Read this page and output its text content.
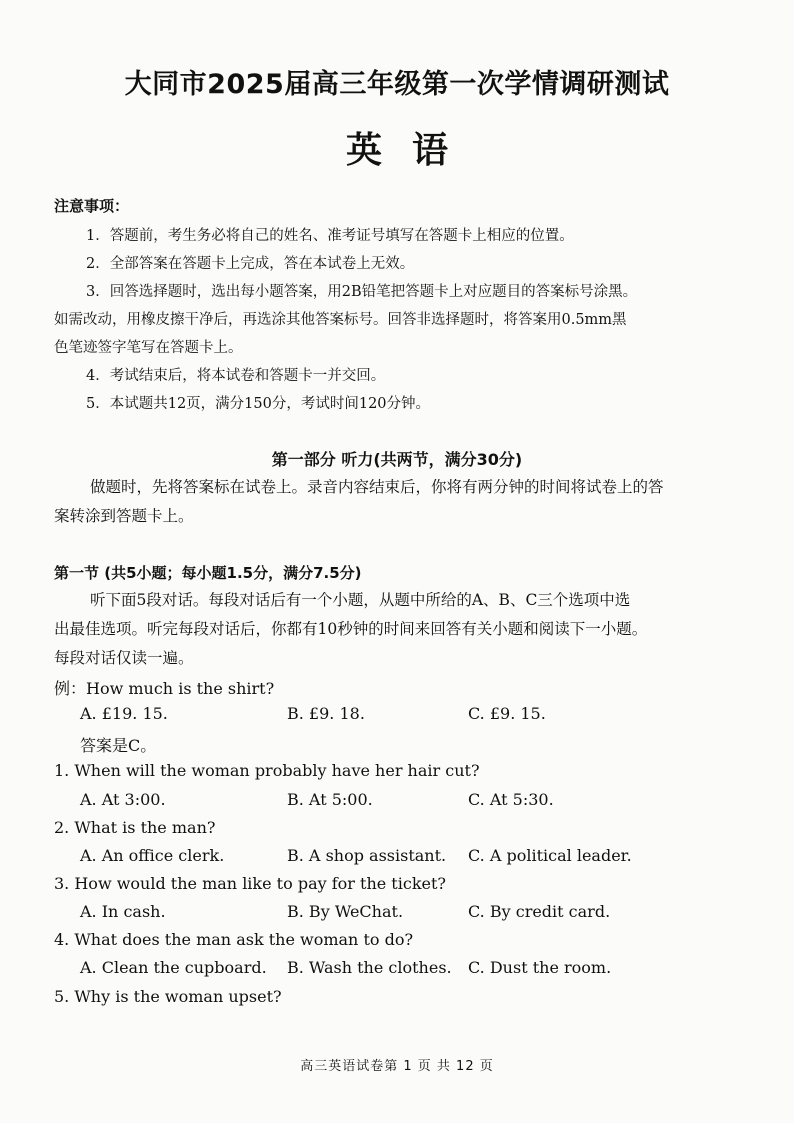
大同市2025届高三年级第一次学情调研测试
英语
注意事项：
1．答题前，考生务必将自己的姓名、准考证号填写在答题卡上相应的位置。
2．全部答案在答题卡上完成，答在本试卷上无效。
3．回答选择题时，选出每小题答案，用2B铅笔把答题卡上对应题目的答案标号涂黑。
如需改动，用橡皮擦干净后，再选涂其他答案标号。回答非选择题时，将答案用0.5mm黑
色笔迹签字笔写在答题卡上。
4．考试结束后，将本试卷和答题卡一并交回。
5．本试题共12页，满分150分，考试时间120分钟。
第一部分 听力(共两节，满分30分)
做题时，先将答案标在试卷上。录音内容结束后，你将有两分钟的时间将试卷上的答
案转涂到答题卡上。
第一节 (共5小题；每小题1.5分，满分7.5分)
听下面5段对话。每段对话后有一个小题，从题中所给的A、B、C三个选项中选
出最佳选项。听完每段对话后，你都有10秒钟的时间来回答有关小题和阅读下一小题。
每段对话仅读一遍。
例：How much is the shirt?
A. £19. 15.	B. £9. 18.	C. £9. 15.
答案是C。
1. When will the woman probably have her hair cut?
A. At 3:00.	B. At 5:00.	C. At 5:30.
2. What is the man?
A. An office clerk.	B. A shop assistant. C. A political leader.
3. How would the man like to pay for the ticket?
A. In cash.	B. By WeChat.	C. By credit card.
4. What does the man ask the woman to do?
A. Clean the cupboard. B. Wash the clothes. C. Dust the room.
5. Why is the woman upset?
高三英语试卷第 1 页 共 12 页
